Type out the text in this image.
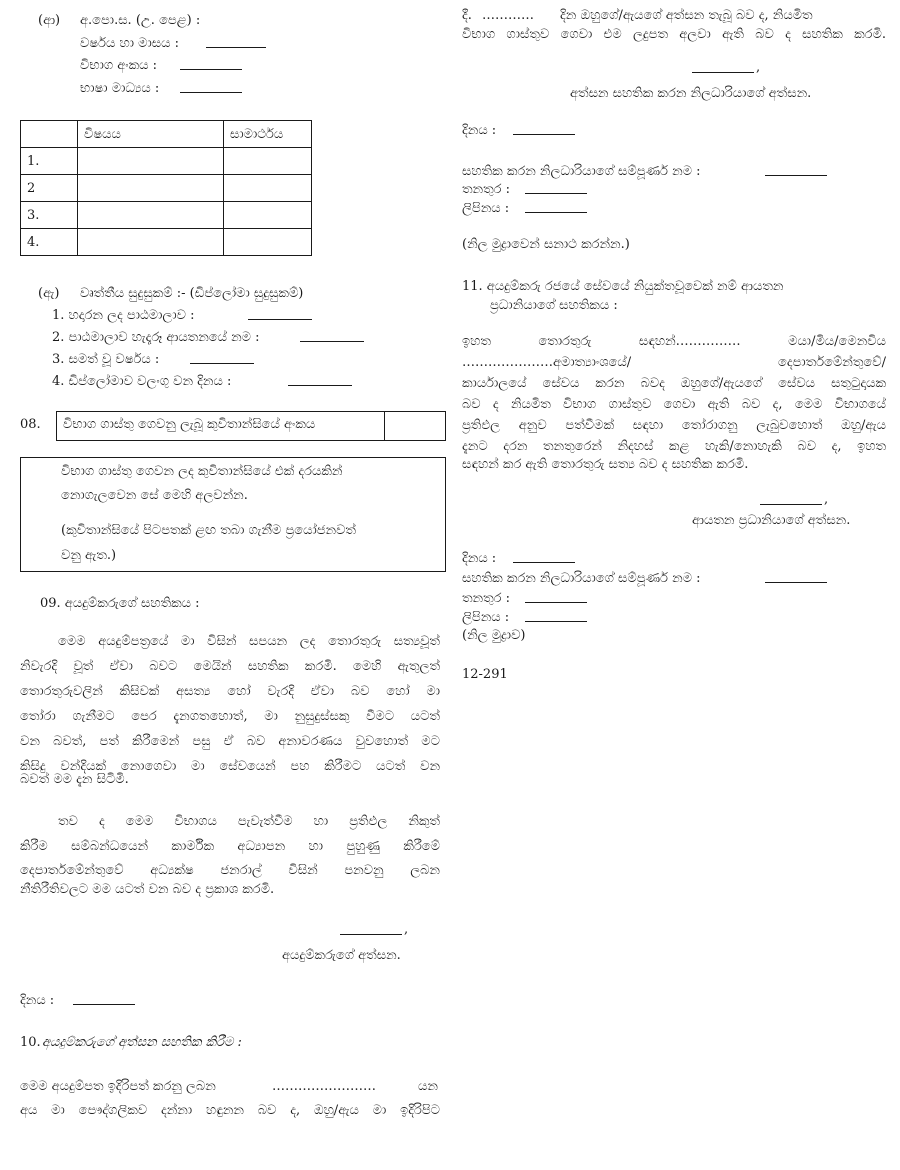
(ආ) අ.පො.ස. (උ. පෙළ) :
වර්ෂය හා මාසය :
විභාග අංකය :
භාෂා මාධ්‍යය :
	විෂයය	සාමාර්ථය
1.		
2		
3.		
4.		
(ඇ) වෘත්තීය සුදුසුකම් :- (ඩිප්ලෝමා සුදුසුකම්)
1. හදාරන ලද පාඨමාලාව :
2. පාඨමාලාව හැදෑරූ ආයතනයේ නම :
3. සමත් වූ වර්ෂය :
4. ඩිප්ලෝමාව වලංගු වන දිනය :
08. විභාග ගාස්තු ගෙවනු ලැබූ කුවිතාන්සියේ අංකය
විභාග ගාස්තු ගෙවන ලද කුවිතාන්සියේ එක් දරයකින්
නොගැලවෙන සේ මෙහි අලවන්න.
(කුවිතාන්සියේ පිටපතක් ළඟ තබා ගැනීම ප්‍රයෝජනවත්
වනු ඇත.)
09. අයදුම්කරුගේ සහතිකය :
මෙම අයදුම්පත්‍රයේ මා විසින් සපයන ලද තොරතුරු සත්‍යවූත්
නිවැරදි වූත් ඒවා බවට මෙයින් සහතික කරමි. මෙහි ඇතුලත්
තොරතුරුවලින් කිසිවක් අසත්‍ය හෝ වැරදි ඒවා බව හෝ මා
තෝරා ගැනීමට පෙර දැනගතහොත්, මා නුසුදුස්සකු වීමට යටත්
වන බවත්, පත් කිරීමෙන් පසු ඒ බව අනාවරණය වුවහොත් මට
කිසිදු වන්දියක් නොගෙවා මා සේවයෙන් පහ කිරීමට යටත් වන
බවත් මම දැන සිටිමි.
තව ද මෙම විභාගය පැවැත්වීම හා ප්‍රතිඵල නිකුත්
කිරීම සම්බන්ධයෙන් කාර්මික අධ්‍යාපන හා පුහුණු කිරීමේ
දෙපාර්තමේන්තුවේ අධ්‍යක්ෂ ජනරාල් විසින් පනවනු ලබන
නීතිරීතිවලට මම යටත් වන බව ද ප්‍රකාශ කරමි.
,
අයදුම්කරුගේ අත්සන.
දිනය :
10. අයදුම්කරුගේ අත්සන සහතික කිරීම :
මෙම අයදුම්පත ඉදිරිපත් කරනු ලබන	……………………	යන
අය මා පෞද්ගලිකව දන්නා හඳුනන බව ද, ඔහු/ඇය මා ඉදිරිපිට
දී. ………… දින ඔහුගේ/ඇයගේ අත්සන තැබූ බව ද, නියමිත
විභාග ගාස්තුව ගෙවා එම ලදුපත අලවා ඇති බව ද සහතික කරමි.
,
අත්සන සහතික කරන නිලධාරියාගේ අත්සන.
දිනය :
සහතික කරන නිලධාරියාගේ සම්පූර්ණ නම :
තනතුර :
ලිපිනය :
(නිල මුද්‍රාවෙන් සනාථ කරන්න.)
11. අයදුම්කරු රජයේ සේවයේ නියුක්තවූවෙක් නම් ආයතන
ප්‍රධානියාගේ සහතිකය :
ඉහත තොරතුරු සඳහන්…………… මයා/මිය/මෙනවිය
…………………අමාත්‍යාංශයේ/ දෙපාර්තමේන්තුවේ/
කාර්යාලයේ සේවය කරන බවද ඔහුගේ/ඇයගේ සේවය සතුටුදායක
බව ද නියමිත විභාග ගාස්තුව ගෙවා ඇති බව ද, මෙම විභාගයේ
ප්‍රතිඵල අනුව පත්වීමක් සඳහා තෝරාගනු ලැබුවහොත් ඔහු/ඇය
දැනට දරන තනතුරෙන් නිදහස් කළ හැකි/නොහැකි බව ද, ඉහත
සඳහන් කර ඇති තොරතුරු සත්‍ය බව ද සහතික කරමි.
,
ආයතන ප්‍රධානියාගේ අත්සන.
දිනය :
සහතික කරන නිලධාරියාගේ සම්පූර්ණ නම :
තනතුර :
ලිපිනය :
(නිල මුද්‍රාව)
12-291
